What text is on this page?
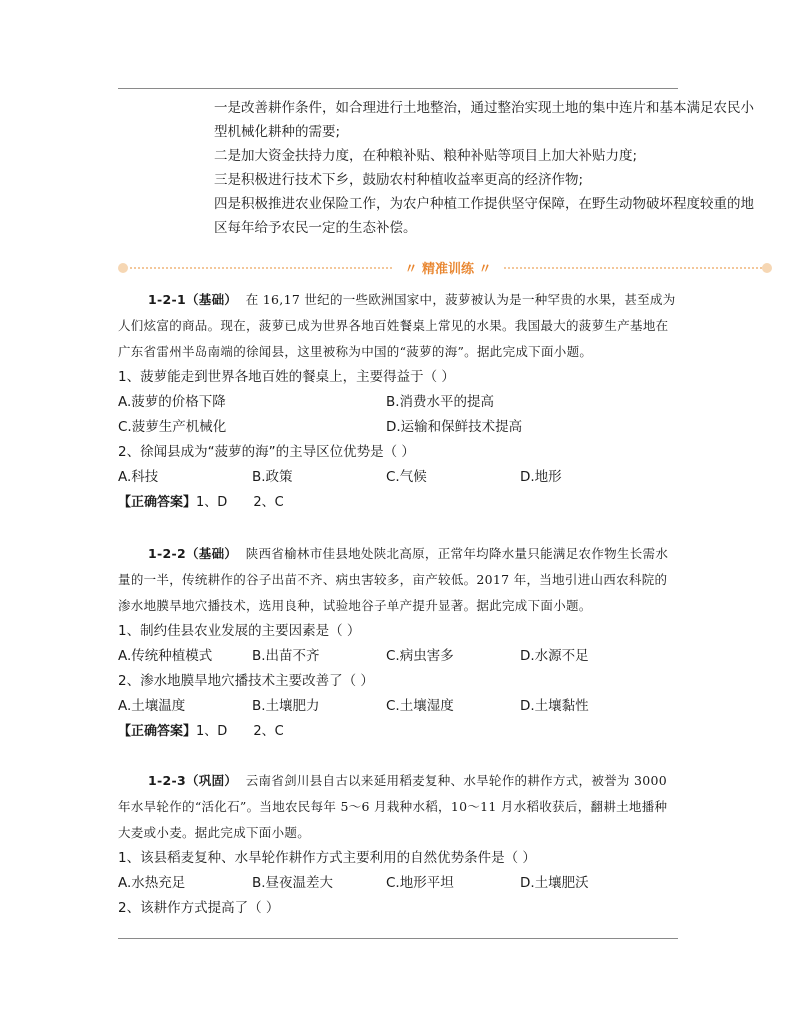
一是改善耕作条件，如合理进行土地整治，通过整治实现土地的集中连片和基本满足农民小

型机械化耕种的需要;

二是加大资金扶持力度，在种粮补贴、粮种补贴等项目上加大补贴力度;

三是积极进行技术下乡，鼓励农村种植收益率更高的经济作物;

四是积极推进农业保险工作，为农户种植工作提供坚守保障，在野生动物破坏程度较重的地

区每年给予农民一定的生态补偿。

〃 精准训练 〃

1-2-1（基础） 在 16,17 世纪的一些欧洲国家中，菠萝被认为是一种罕贵的水果，甚至成为人们炫富的商品。现在，菠萝已成为世界各地百姓餐桌上常见的水果。我国最大的菠萝生产基地在广东省雷州半岛南端的徐闻县，这里被称为中国的“菠萝的海”。据此完成下面小题。

1、菠萝能走到世界各地百姓的餐桌上，主要得益于（ ）

A.菠萝的价格下降	B.消费水平的提高
C.菠萝生产机械化	D.运输和保鲜技术提高

2、徐闻县成为“菠萝的海”的主导区位优势是（ ）

A.科技	B.政策	C.气候	D.地形

【正确答案】1、D 2、C

1-2-2（基础） 陕西省榆林市佳县地处陕北高原，正常年均降水量只能满足农作物生长需水量的一半，传统耕作的谷子出苗不齐、病虫害较多，亩产较低。2017 年，当地引进山西农科院的渗水地膜旱地穴播技术，选用良种，试验地谷子单产提升显著。据此完成下面小题。

1、制约佳县农业发展的主要因素是（ ）

A.传统种植模式	B.出苗不齐	C.病虫害多	D.水源不足

2、渗水地膜旱地穴播技术主要改善了（ ）

A.土壤温度	B.土壤肥力	C.土壤湿度	D.土壤黏性

【正确答案】1、D 2、C

1-2-3（巩固） 云南省剑川县自古以来延用稻麦复种、水旱轮作的耕作方式，被誉为 3000 年水旱轮作的“活化石”。当地农民每年 5～6 月栽种水稻，10～11 月水稻收获后，翻耕土地播种大麦或小麦。据此完成下面小题。

1、该县稻麦复种、水旱轮作耕作方式主要利用的自然优势条件是（ ）

A.水热充足	B.昼夜温差大	C.地形平坦	D.土壤肥沃

2、该耕作方式提高了（ ）
